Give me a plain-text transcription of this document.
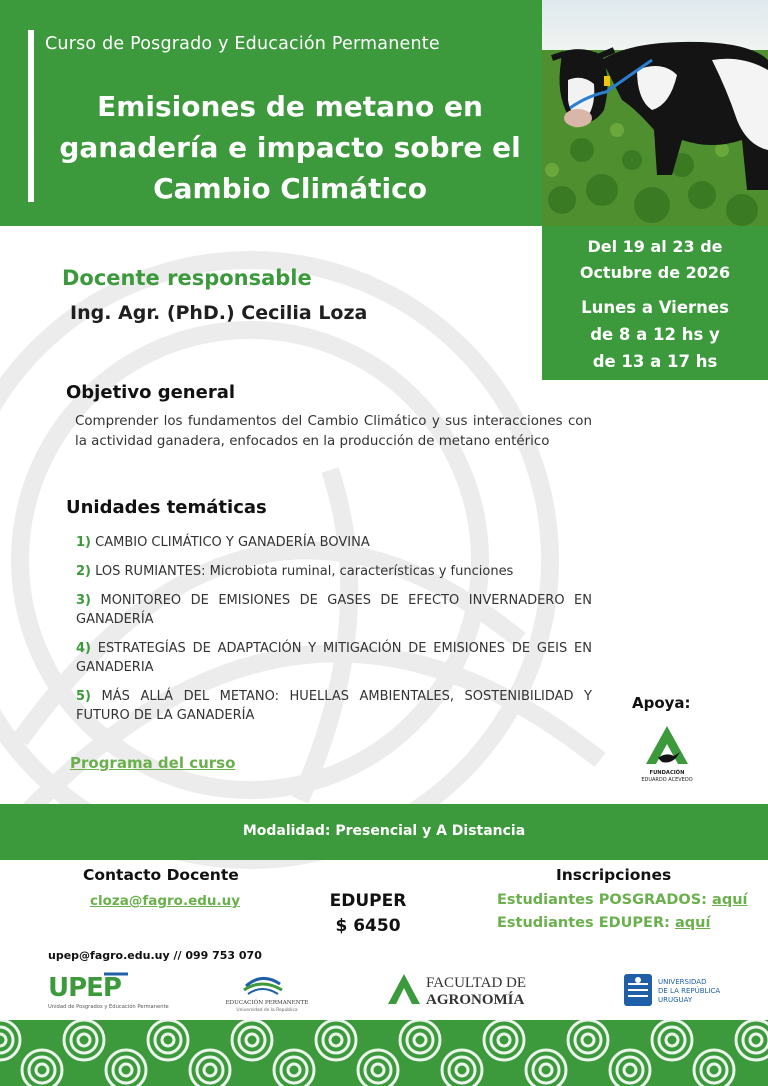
Curso de Posgrado y Educación Permanente
Emisiones de metano en
ganadería e impacto sobre el
Cambio Climático
Del 19 al 23 de
Octubre de 2026
Lunes a Viernes
de 8 a 12 hs y
de 13 a 17 hs
Docente responsable
Ing. Agr. (PhD.) Cecilia Loza
Objetivo general
Comprender los fundamentos del Cambio Climático y sus interacciones con la actividad ganadera, enfocados en la producción de metano entérico
Unidades temáticas
1) CAMBIO CLIMÁTICO Y GANADERÍA BOVINA
2) LOS RUMIANTES: Microbiota ruminal, características y funciones
3) MONITOREO DE EMISIONES DE GASES DE EFECTO INVERNADERO EN GANADERÍA
4) ESTRATEGÍAS DE ADAPTACIÓN Y MITIGACIÓN DE EMISIONES DE GEIS EN GANADERIA
5) MÁS ALLÁ DEL METANO: HUELLAS AMBIENTALES, SOSTENIBILIDAD Y FUTURO DE LA GANADERÍA
Programa del curso
Apoya:
FUNDACIÓN
EDUARDO ACEVEDO
Modalidad: Presencial y A Distancia
Contacto Docente
cloza@fagro.edu.uy	EDUPER
$ 6450
Inscripciones
Estudiantes POSGRADOS: aquí
Estudiantes EDUPER: aquí
upep@fagro.edu.uy // 099 753 070
UPEP
Unidad de Posgrados y Educación Permanente
EDUCACIÓN PERMANENTE
Universidad de la República
FACULTAD DE
AGRONOMÍA
UNIVERSIDAD
DE LA REPÚBLICA
URUGUAY
